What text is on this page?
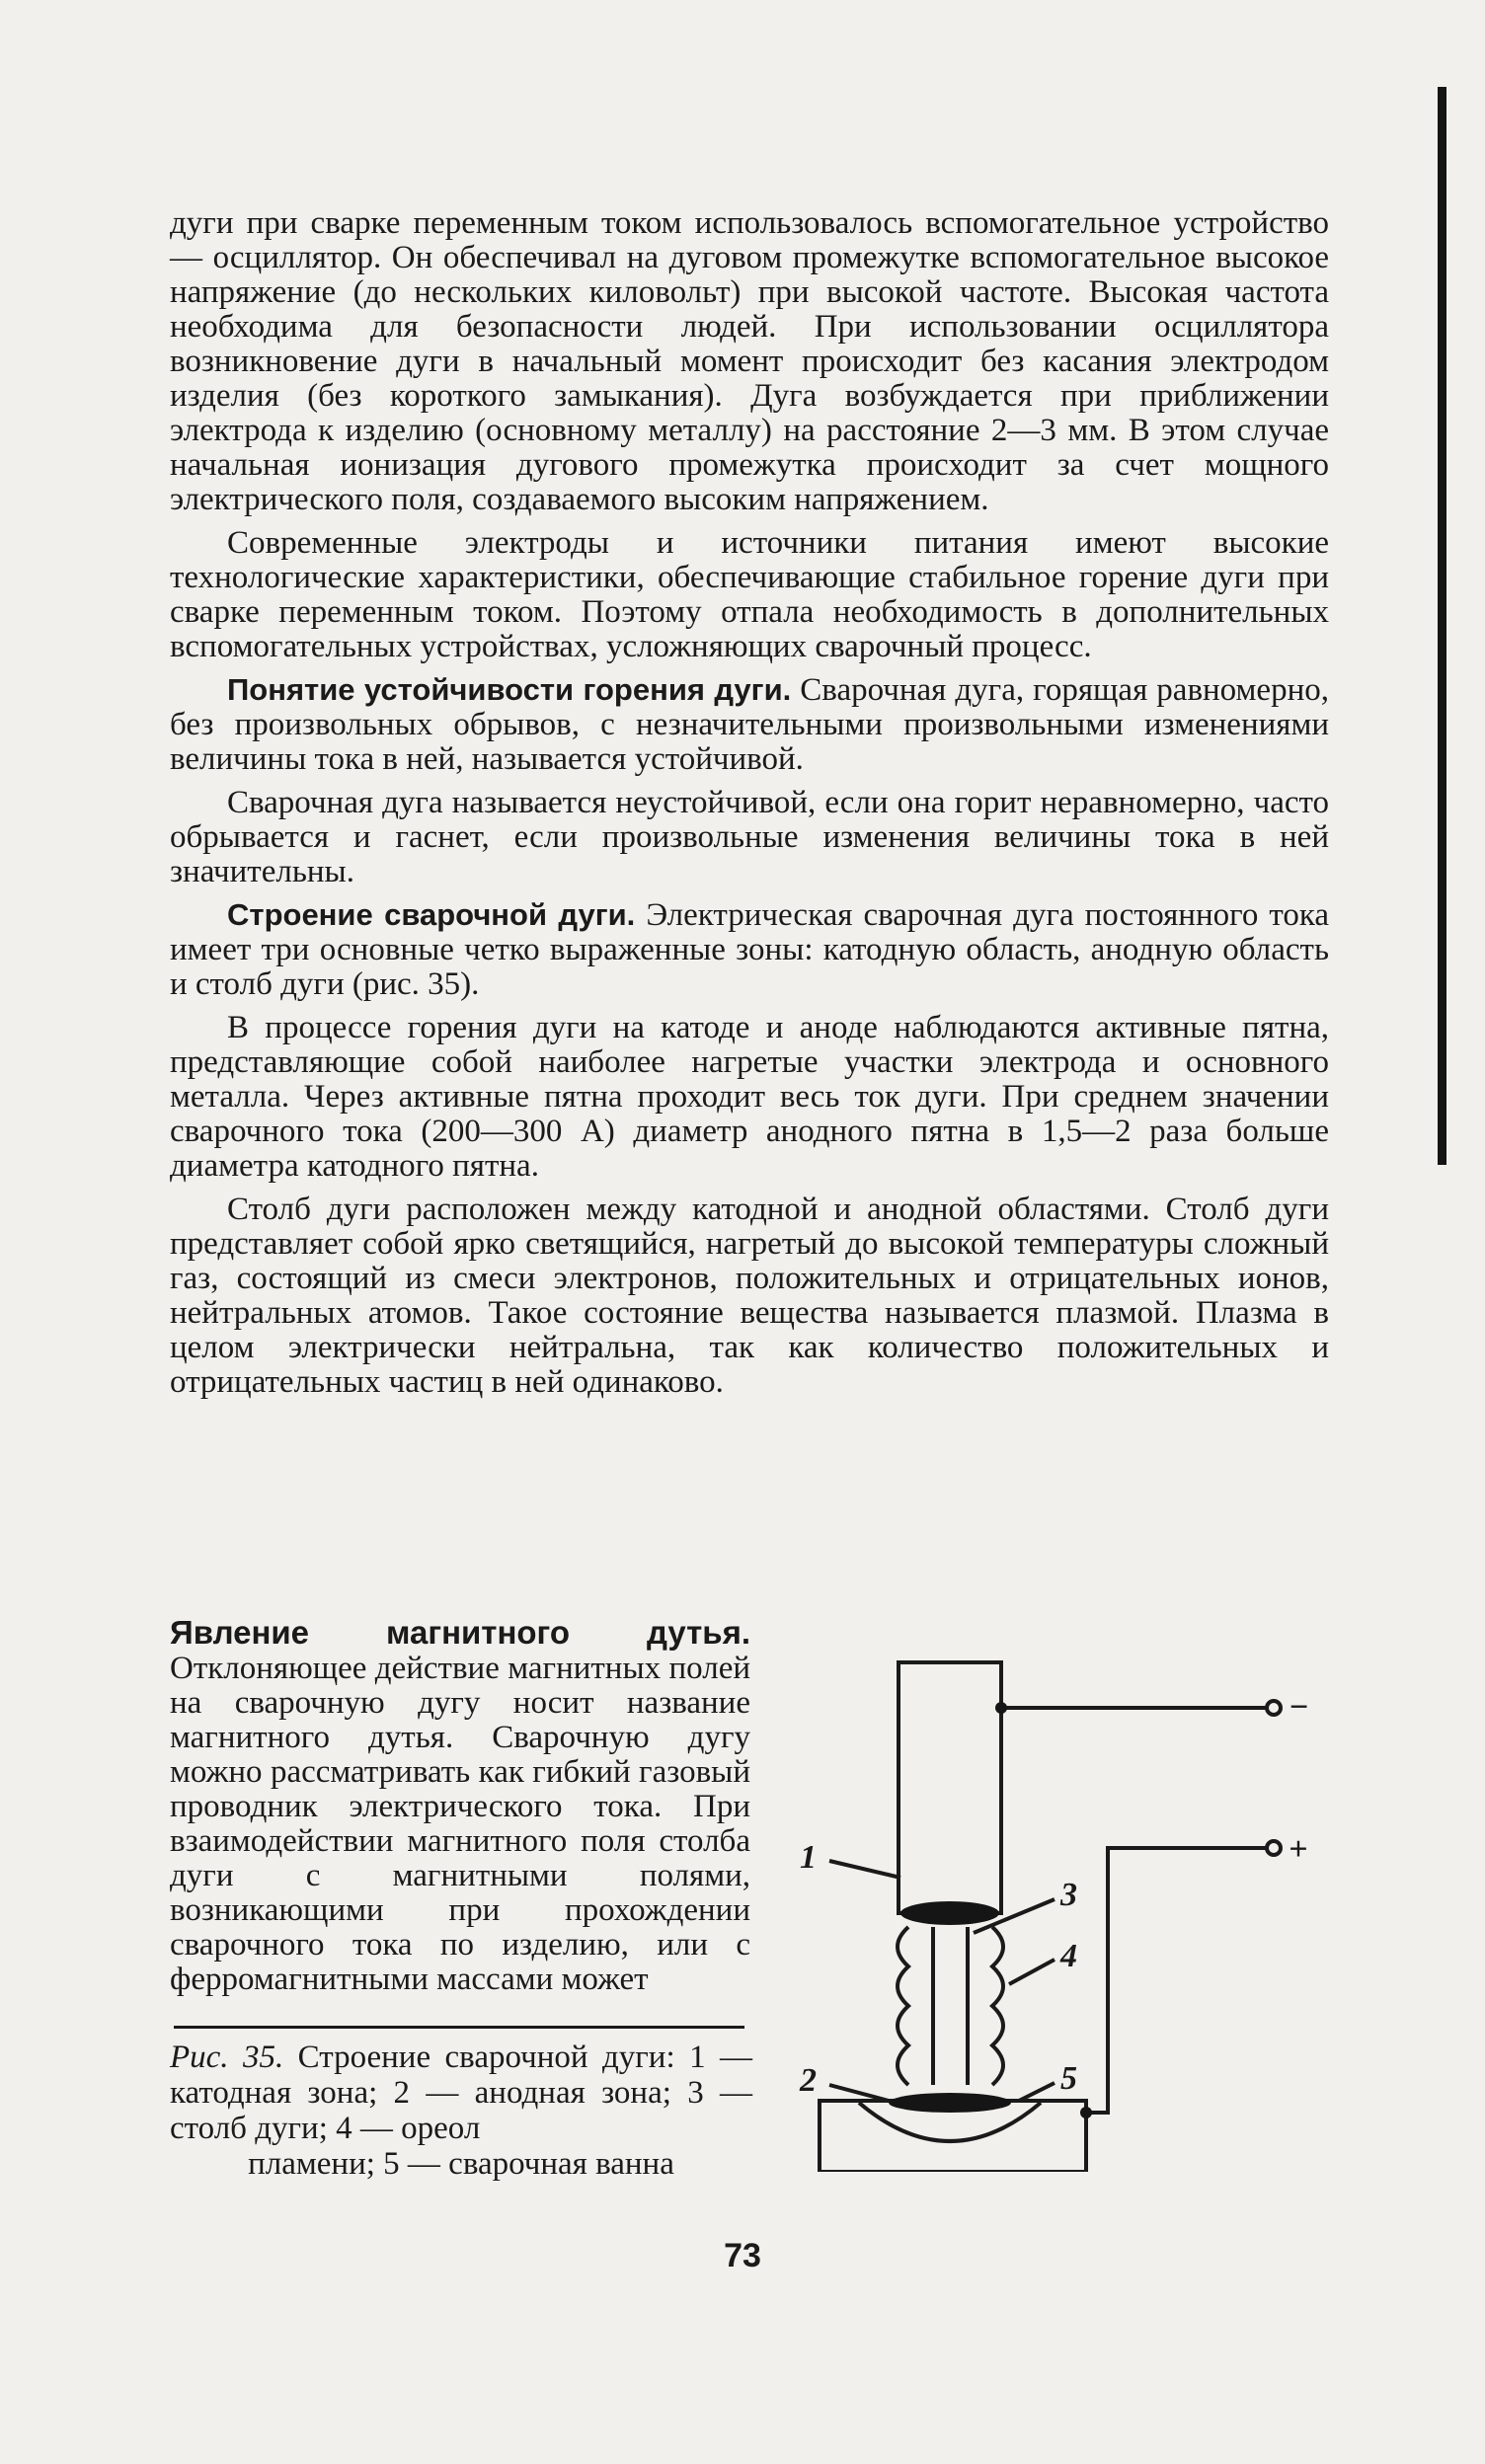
дуги при сварке переменным током использовалось вспомогательное устройство — осциллятор. Он обеспечивал на дуговом промежутке вспомогательное высокое напряжение (до нескольких киловольт) при высокой частоте. Высокая частота необходима для безопасности людей. При использовании осциллятора возникновение дуги в начальный момент происходит без касания электродом изделия (без короткого замыкания). Дуга возбуждается при приближении электрода к изделию (основному металлу) на расстояние 2—3 мм. В этом случае начальная ионизация дугового промежутка происходит за счет мощного электрического поля, создаваемого высоким напряжением.

Современные электроды и источники питания имеют высокие технологические характеристики, обеспечивающие стабильное горение дуги при сварке переменным током. Поэтому отпала необходимость в дополнительных вспомогательных устройствах, усложняющих сварочный процесс.

Понятие устойчивости горения дуги. Сварочная дуга, горящая равномерно, без произвольных обрывов, с незначительными произвольными изменениями величины тока в ней, называется устойчивой.

Сварочная дуга называется неустойчивой, если она горит неравномерно, часто обрывается и гаснет, если произвольные изменения величины тока в ней значительны.

Строение сварочной дуги. Электрическая сварочная дуга постоянного тока имеет три основные четко выраженные зоны: катодную область, анодную область и столб дуги (рис. 35).

В процессе горения дуги на катоде и аноде наблюдаются активные пятна, представляющие собой наиболее нагретые участки электрода и основного металла. Через активные пятна проходит весь ток дуги. При среднем значении сварочного тока (200—300 А) диаметр анодного пятна в 1,5—2 раза больше диаметра катодного пятна.

Столб дуги расположен между катодной и анодной областями. Столб дуги представляет собой ярко светящийся, нагретый до высокой температуры сложный газ, состоящий из смеси электронов, положительных и отрицательных ионов, нейтральных атомов. Такое состояние вещества называется плазмой. Плазма в целом электрически нейтральна, так как количество положительных и отрицательных частиц в ней одинаково.

Явление магнитного дутья. Отклоняющее действие магнитных полей на сварочную дугу носит название магнитного дутья. Сварочную дугу можно рассматривать как гибкий газовый проводник электрического тока. При взаимодействии магнитного поля столба дуги с магнитными полями, возникающими при прохождении сварочного тока по изделию, или с ферромагнитными массами может
Рис. 35. Строение сварочной дуги: 1 — катодная зона; 2 — анодная зона; 3 — столб дуги; 4 — ореол
пламени; 5 — сварочная ванна
−
+
1
2
3
4
5
73
